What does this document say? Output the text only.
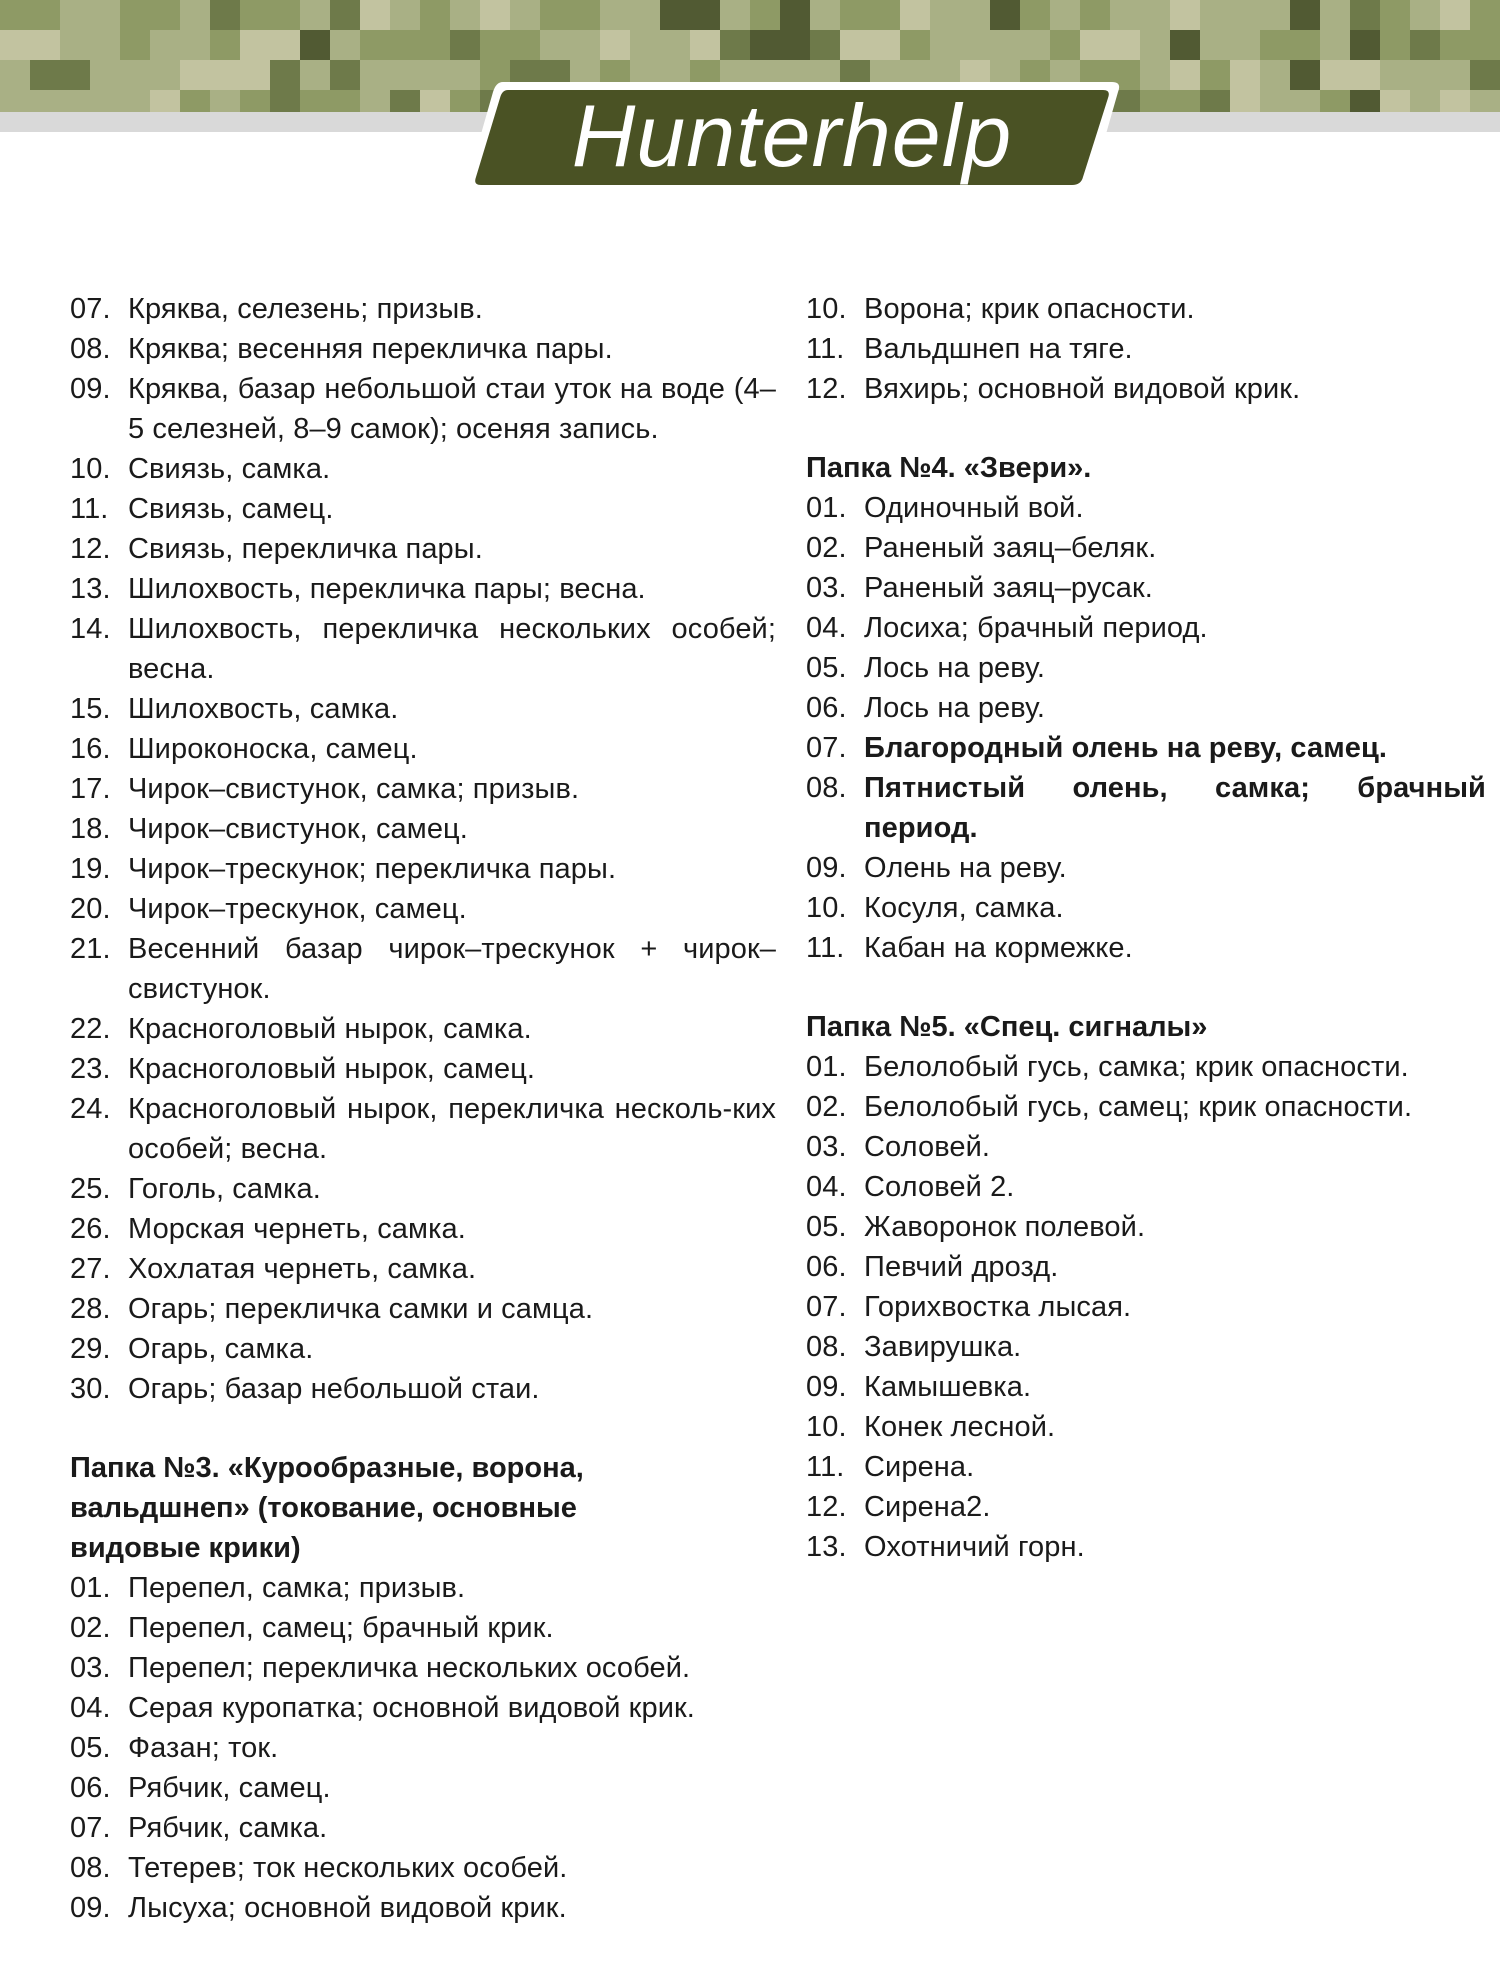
Hunterhelp
07. Кряква, селезень; призыв.
08. Кряква; весенняя перекличка пары.
09. Кряква, базар небольшой стаи уток на воде (4–5 селезней, 8–9 самок); осеняя запись.
10. Свиязь, самка.
11. Свиязь, самец.
12. Свиязь, перекличка пары.
13. Шилохвость, перекличка пары; весна.
14. Шилохвость, перекличка нескольких особей; весна.
15. Шилохвость, самка.
16. Широконоска, самец.
17. Чирок–свистунок, самка; призыв.
18. Чирок–свистунок, самец.
19. Чирок–трескунок; перекличка пары.
20. Чирок–трескунок, самец.
21. Весенний базар чирок–трескунок + чирок–свистунок.
22. Красноголовый нырок, самка.
23. Красноголовый нырок, самец.
24. Красноголовый нырок, перекличка несколь-ких особей; весна.
25. Гоголь, самка.
26. Морская чернеть, самка.
27. Хохлатая чернеть, самка.
28. Огарь; перекличка самки и самца.
29. Огарь, самка.
30. Огарь; базар небольшой стаи.
Папка №3. «Курообразные, ворона, вальдшнеп» (токование, основные видовые крики)
01. Перепел, самка; призыв.
02. Перепел, самец; брачный крик.
03. Перепел; перекличка нескольких особей.
04. Серая куропатка; основной видовой крик.
05. Фазан; ток.
06. Рябчик, самец.
07. Рябчик, самка.
08. Тетерев; ток нескольких особей.
09. Лысуха; основной видовой крик.
10. Ворона; крик опасности.
11. Вальдшнеп на тяге.
12. Вяхирь; основной видовой крик.
Папка №4. «Звери».
01. Одиночный вой.
02. Раненый заяц–беляк.
03. Раненый заяц–русак.
04. Лосиха; брачный период.
05. Лось на реву.
06. Лось на реву.
07. Благородный олень на реву, самец.
08. Пятнистый олень, самка; брачный период.
09. Олень на реву.
10. Косуля, самка.
11. Кабан на кормежке.
Папка №5. «Спец. сигналы»
01. Белолобый гусь, самка; крик опасности.
02. Белолобый гусь, самец; крик опасности.
03. Соловей.
04. Соловей 2.
05. Жаворонок полевой.
06. Певчий дрозд.
07. Горихвостка лысая.
08. Завирушка.
09. Камышевка.
10. Конек лесной.
11. Сирена.
12. Сирена2.
13. Охотничий горн.
